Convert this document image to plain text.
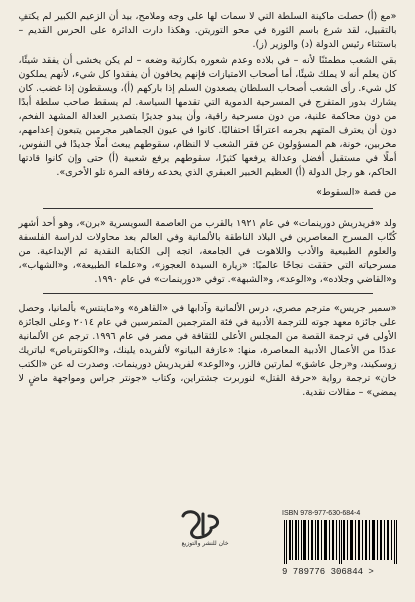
«مع (أ) حصلت ماكينة السلطة التي لا سمات لها على وجه وملامح، بيد أن الزعيم الكبير لم يكتفِ بالتقبيل، لقد شرع باسم الثورة في محو التوريتن. وهكذا دارت الدائرة على الحرس القديم – باستثناء رئيس الدولة (د) والوزير (ز).

بقي الشعب مطمئنًا لأنه – في بلاده وعدم شعوره بكارثية وضعه – لم يكن يخشى أن يفقد شيئًا، كان يعلم أنه لا يملك شيئًا، أما أصحاب الامتيازات فإنهم يخافون أن يفقدوا كل شيء، لأنهم يملكون كل شيء. رأى الشعب أصحاب السلطان يصعدون السلم إذا باركهم (أ)، ويسقطون إذا غضب. كان يشارك بدور المتفرج في المسرحية الدموية التي تقدمها السياسة. لم يسقط صاحب سلطة أبدًا من دون محاكمة علنية، من دون مسرحية راقية، وأن يبدو جديرًا بتصدير العدالة المشهد الفخم، دون أن يعترف المتهم بجرمه اعترافًا احتفاليًا. كانوا في عيون الجماهير مجرمين يتبعون إعدامهم، مخربين، خونة، هم المسؤولون عن فقر الشعب لا النظام، سقوطهم يبعث أملًا جديدًا في النفوس، أملًا في مستقبل أفضل وعدالة يرفعها كثيرًا، سقوطهم يرفع شعبية (أ) حتى وإن كانوا قادتها الحاكم، هو رجل الدولة (أ) العظيم الخبير العبقري الذي يخدعه رفاقه المرة تلو الأخرى».

من قصة «السقوط»

ولد «فريدريش دورينمات» في عام ١٩٢١ بالقرب من العاصمة السويسرية «برن»، وهو أحد أشهر كُتّاب المسرح المعاصرين في البلاد الناطقة بالألمانية وفي العالم بعد محاولات لدراسة الفلسفة والعلوم الطبيعية والأدب واللاهوت في الجامعة، اتجه إلى الكتابة النقدية ثم الإبداعية. من مسرحياته التي حققت نجاحًا عالميًا: «زيارة السيدة العجوز»، و«علماء الطبيعة»، و«الشهاب»، و«القاضي وجلاده»، و«الوعد»، و«الشبهة». توفي «دورينمات» في عام ١٩٩٠.

«سمير جريس» مترجم مصري، درس الألمانية وآدابها في «القاهرة» و«ماينتس» بألمانيا، وحصل على جائزة معهد جوته للترجمة الأدبية في فئة المترجمين المتمرسين في عام ٢٠١٤ وعلى الجائزة الأولى في ترجمة القصة من المجلس الأعلى للثقافة في مصر في عام ١٩٩٦. ترجم عن الألمانية عددًا من الأعمال الأدبية المعاصرة، منها: «عازفة البيانو» لألفريده يلينك، و«الكونترباص» لباتريك زوسكيند، و«رجل عاشق» لمارتين فالزر، و«الوعد» لفريدريش دورينمات. وصدرت له عن «الكتب خان» ترجمة رواية «حرفة القتل» لنوربرت جشتراين، وكتاب «جونتر جراس ومواجهة ماضٍ لا يمضي» – مقالات نقدية.

خان للنشر والتوزيع
كتب
ISBN 978-977-630-684-4
9 789776 306844 >
